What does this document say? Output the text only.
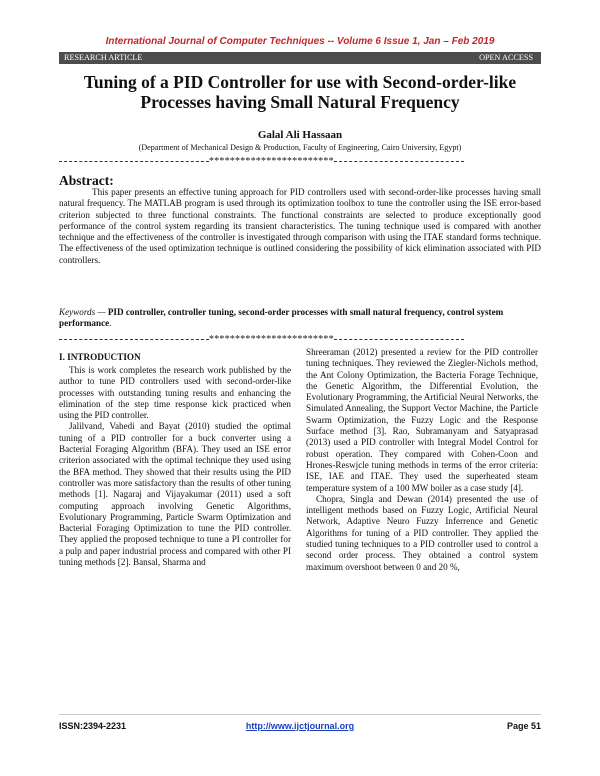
International Journal of Computer Techniques -- Volume 6 Issue 1, Jan – Feb 2019
RESEARCH ARTICLE	OPEN ACCESS
Tuning of a PID Controller for use with Second-order-like Processes having Small Natural Frequency
Galal Ali Hassaan
(Department of Mechanical Design & Production, Faculty of Engineering, Cairo University, Egypt)
************************
Abstract:
This paper presents an effective tuning approach for PID controllers used with second-order-like processes having small natural frequency. The MATLAB program is used through its optimization toolbox to tune the controller using the ISE error-based criterion subjected to three functional constraints. The functional constraints are selected to produce exceptionally good performance of the control system regarding its transient characteristics. The tuning technique used is compared with another technique and the effectiveness of the controller is investigated through comparison with using the ITAE standard forms technique. The effectiveness of the used optimization technique is outlined considering the possibility of kick elimination associated with PID controllers.
Keywords — PID controller, controller tuning, second-order processes with small natural frequency, control system performance.
************************
I. INTRODUCTION

This is work completes the research work published by the author to tune PID controllers used with second-order-like processes with outstanding tuning results and enhancing the elimination of the step time response kick practiced when using the PID controller.

Jalilvand, Vahedi and Bayat (2010) studied the optimal tuning of a PID controller for a buck converter using a Bacterial Foraging Algorithm (BFA). They used an ISE error criterion associated with the optimal technique they used using the BFA method. They showed that their results using the PID controller was more satisfactory than the results of other tuning methods [1]. Nagaraj and Vijayakumar (2011) used a soft computing approach involving Genetic Algorithms, Evolutionary Programming, Particle Swarm Optimization and Bacterial Foraging Optimization to tune the PID controller. They applied the proposed technique to tune a PI controller for a pulp and paper industrial process and compared with other PI tuning methods [2]. Bansal, Sharma and

Shreeraman (2012) presented a review for the PID controller tuning techniques. They reviewed the Ziegler-Nichols method, the Ant Colony Optimization, the Bacteria Forage Technique, the Genetic Algorithm, the Differential Evolution, the Evolutionary Programming, the Artificial Neural Networks, the Simulated Annealing, the Support Vector Machine, the Particle Swarm Optimization, the Fuzzy Logic and the Response Surface method [3]. Rao, Subramanyam and Satyaprasad (2013) used a PID controller with Integral Model Control for robust operation. They compared with Cohen-Coon and Hrones-Reswjcle tuning methods in terms of the error criteria: ISE, IAE and ITAE. They used the superheated steam temperature system of a 100 MW boiler as a case study [4].

Chopra, Singla and Dewan (2014) presented the use of intelligent methods based on Fuzzy Logic, Artificial Neural Network, Adaptive Neuro Fuzzy Inferrence and Genetic Algorithms for tuning of a PID controller. They applied the studied tuning techniques to a PID controller used to control a second order process. They obtained a control system maximum overshoot between 0 and 20 %,

ISSN:2394-2231	http://www.ijctjournal.org	Page 51
